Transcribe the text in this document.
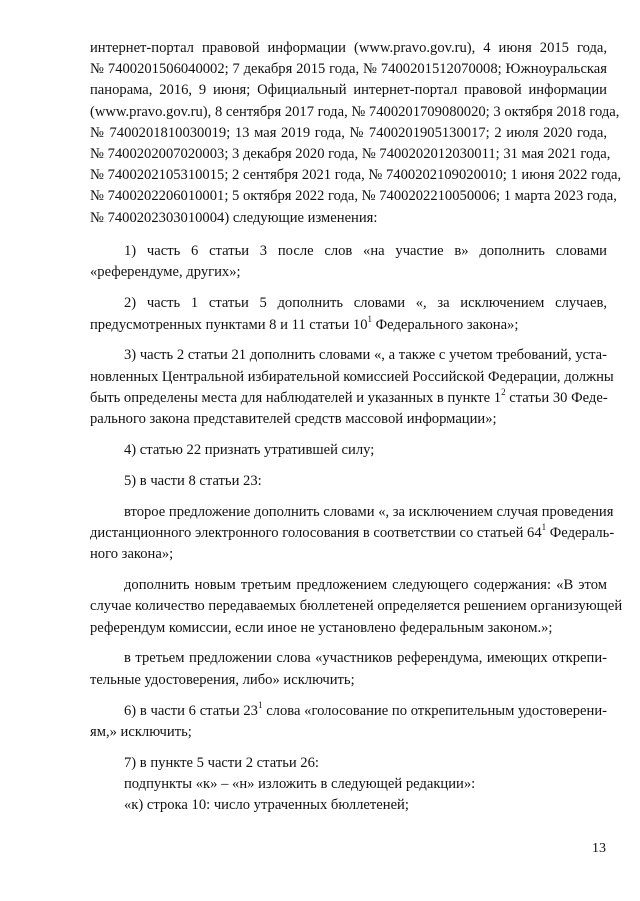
интернет-портал правовой информации (www.pravo.gov.ru), 4 июня 2015 года,
№ 7400201506040002; 7 декабря 2015 года, № 7400201512070008; Южноуральская
панорама, 2016, 9 июня; Официальный интернет-портал правовой информации
(www.pravo.gov.ru), 8 сентября 2017 года, № 7400201709080020; 3 октября 2018 года,
№ 7400201810030019; 13 мая 2019 года, № 7400201905130017; 2 июля 2020 года,
№ 7400202007020003; 3 декабря 2020 года, № 7400202012030011; 31 мая 2021 года,
№ 7400202105310015; 2 сентября 2021 года, № 7400202109020010; 1 июня 2022 года,
№ 7400202206010001; 5 октября 2022 года, № 7400202210050006; 1 марта 2023 года,
№ 7400202303010004) следующие изменения:
1) часть 6 статьи 3 после слов «на участие в» дополнить словами
«референдуме, других»;
2) часть 1 статьи 5 дополнить словами «, за исключением случаев,
предусмотренных пунктами 8 и 11 статьи $10^1$ Федерального закона»;
3) часть 2 статьи 21 дополнить словами «, а также с учетом требований, уста-
новленных Центральной избирательной комиссией Российской Федерации, должны
быть определены места для наблюдателей и указанных в пункте $1^2$ статьи 30 Феде-
рального закона представителей средств массовой информации»;
4) статью 22 признать утратившей силу;
5) в части 8 статьи 23:
второе предложение дополнить словами «, за исключением случая проведения
дистанционного электронного голосования в соответствии со статьей $64^1$ Федераль-
ного закона»;
дополнить новым третьим предложением следующего содержания: «В этом
случае количество передаваемых бюллетеней определяется решением организующей
референдум комиссии, если иное не установлено федеральным законом.»;
в третьем предложении слова «участников референдума, имеющих открепи-
тельные удостоверения, либо» исключить;
6) в части 6 статьи $23^1$ слова «голосование по открепительным удостоверени-
ям,» исключить;
7) в пункте 5 части 2 статьи 26:
подпункты «к» – «н» изложить в следующей редакции»:
«к) строка 10: число утраченных бюллетеней;
13
